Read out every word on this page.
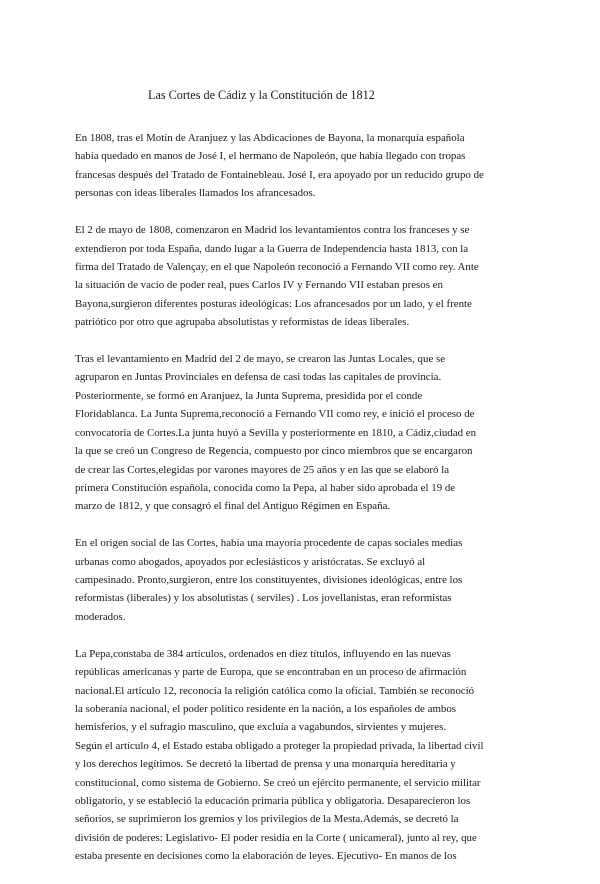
Las Cortes de Cádiz y la Constitución de 1812
En 1808, tras el Motín de Aranjuez y las Abdicaciones de Bayona, la monarquía española
había quedado en manos de José I, el hermano de Napoleón, que había llegado con tropas
francesas después del Tratado de Fontainebleau. José I, era apoyado por un reducido grupo de
personas con ideas liberales llamados los afrancesados.
El 2 de mayo de 1808, comenzaron en Madrid los levantamientos contra los franceses y se
extendieron por toda España, dando lugar a la Guerra de Independencia hasta 1813, con la
firma del Tratado de Valençay, en el que Napoleón reconoció a Fernando VII como rey. Ante
la situación de vacío de poder real, pues Carlos IV y Fernando VII estaban presos en
Bayona,surgieron diferentes posturas ideológicas: Los afrancesados por un lado, y el frente
patriótico por otro que agrupaba absolutistas y reformistas de ideas liberales.
Tras el levantamiento en Madrid del 2 de mayo, se crearon las Juntas Locales, que se
agruparon en Juntas Provinciales en defensa de casi todas las capitales de provincia.
Posteriormente, se formó en Aranjuez, la Junta Suprema, presidida por el conde
Floridablanca. La Junta Suprema,reconoció a Fernando VII como rey, e inició el proceso de
convocatoria de Cortes.La junta huyó a Sevilla y posteriormente en 1810, a Cádiz,ciudad en
la que se creó un Congreso de Regencia, compuesto por cinco miembros que se encargaron
de crear las Cortes,elegidas por varones mayores de 25 años y en las que se elaboró la
primera Constitución española, conocida como la Pepa, al haber sido aprobada el 19 de
marzo de 1812, y que consagró el final del Antiguo Régimen en España.
En el origen social de las Cortes, había una mayoría procedente de capas sociales medias
urbanas como abogados, apoyados por eclesiásticos y aristócratas. Se excluyó al
campesinado. Pronto,surgieron, entre los constituyentes, divisiones ideológicas, entre los
reformistas (liberales) y los absolutistas ( serviles) . Los jovellanistas, eran reformistas
moderados.
La Pepa,constaba de 384 artículos, ordenados en diez títulos, influyendo en las nuevas
repúblicas americanas y parte de Europa, que se encontraban en un proceso de afirmación
nacional.El artículo 12, reconocía la religión católica como la oficial. También se reconoció
la soberanía nacional, el poder político residente en la nación, a los españoles de ambos
hemisferios, y el sufragio masculino, que excluía a vagabundos, sirvientes y mujeres.
Según el artículo 4, el Estado estaba obligado a proteger la propiedad privada, la libertad civil
y los derechos legítimos. Se decretó la libertad de prensa y una monarquía hereditaria y
constitucional, como sistema de Gobierno. Se creó un ejército permanente, el servicio militar
obligatorio, y se estableció la educación primaria pública y obligatoria. Desaparecieron los
señoríos, se suprimieron los gremios y los privilegios de la Mesta.Además, se decretó la
división de poderes: Legislativo- El poder residía en la Corte ( unicameral), junto al rey, que
estaba presente en decisiones como la elaboración de leyes. Ejecutivo- En manos de los
